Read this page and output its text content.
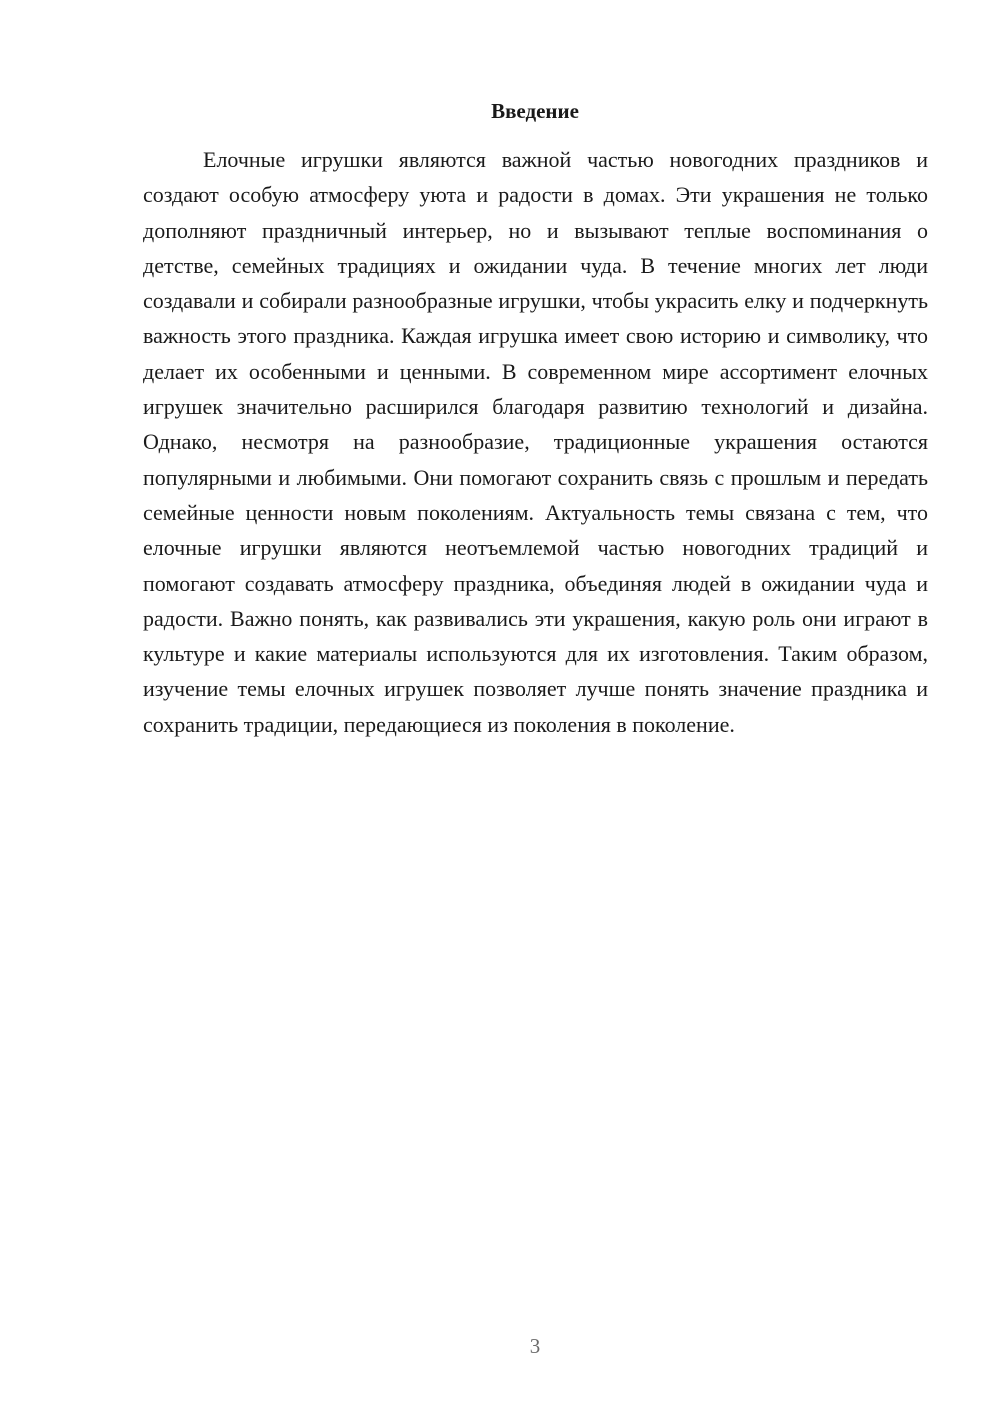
Введение

Елочные игрушки являются важной частью новогодних праздников и создают особую атмосферу уюта и радости в домах. Эти украшения не только дополняют праздничный интерьер, но и вызывают теплые воспоминания о детстве, семейных традициях и ожидании чуда. В течение многих лет люди создавали и собирали разнообразные игрушки, чтобы украсить елку и подчеркнуть важность этого праздника. Каждая игрушка имеет свою историю и символику, что делает их особенными и ценными. В современном мире ассортимент елочных игрушек значительно расширился благодаря развитию технологий и дизайна. Однако, несмотря на разнообразие, традиционные украшения остаются популярными и любимыми. Они помогают сохранить связь с прошлым и передать семейные ценности новым поколениям. Актуальность темы связана с тем, что елочные игрушки являются неотъемлемой частью новогодних традиций и помогают создавать атмосферу праздника, объединяя людей в ожидании чуда и радости. Важно понять, как развивались эти украшения, какую роль они играют в культуре и какие материалы используются для их изготовления. Таким образом, изучение темы елочных игрушек позволяет лучше понять значение праздника и сохранить традиции, передающиеся из поколения в поколение.

3
